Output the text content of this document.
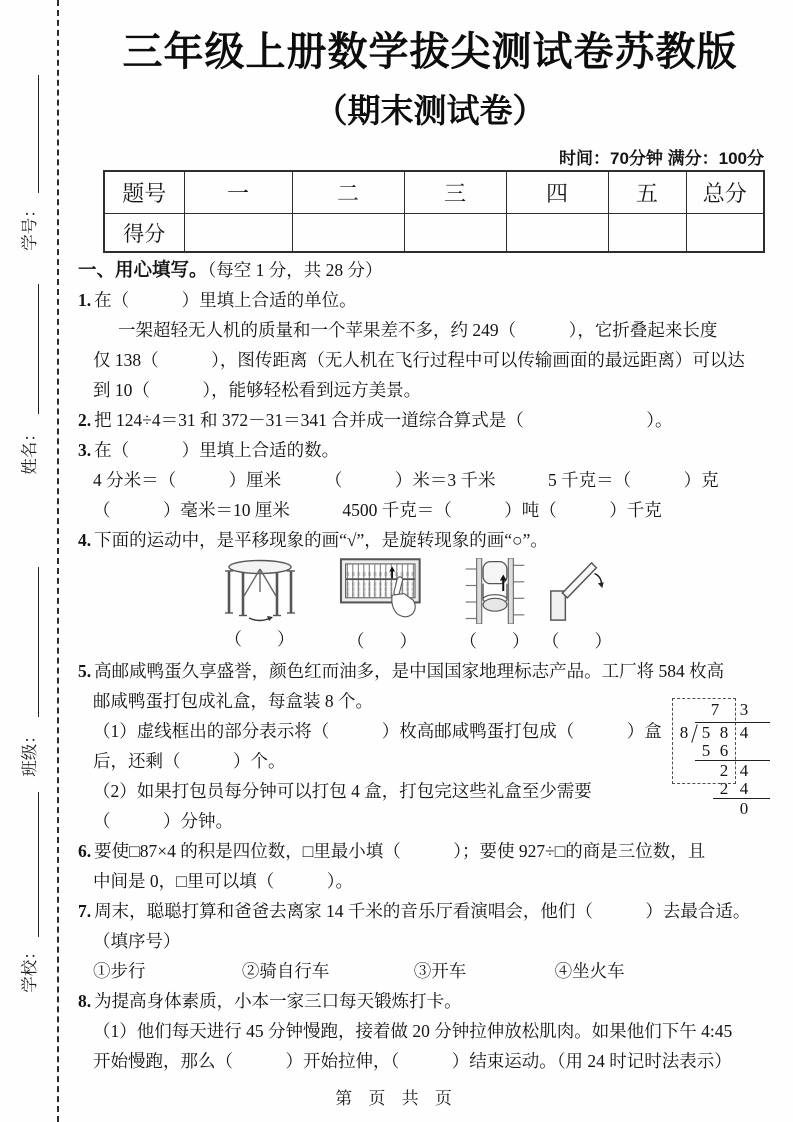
学号：
姓名：
班级：
学校：
三年级上册数学拔尖测试卷苏教版
（期末测试卷）
时间：70分钟 满分：100分
题号	一	二	三	四	五	总分
得分						
一、用心填写。（每空 1 分，共 28 分）
1. 在（　　　）里填上合适的单位。
一架超轻无人机的质量和一个苹果差不多，约 249（　　　），它折叠起来长度
仅 138（　　　），图传距离（无人机在飞行过程中可以传输画面的最远距离）可以达
到 10（　　　），能够轻松看到远方美景。
2. 把 124÷4＝31 和 372－31＝341 合并成一道综合算式是（　　　　　　　）。
3. 在（　　　）里填上合适的数。
4 分米＝（　　　）厘米　　　（　　　）米＝3 千米　　　5 千克＝（　　　）克
（　　　）毫米＝10 厘米　　　4500 千克＝（　　　）吨（　　　）千克
4. 下面的运动中，是平移现象的画“√”，是旋转现象的画“○”。
（　　）	（　　） （　　） （　　）
5. 高邮咸鸭蛋久享盛誉，颜色红而油多，是中国国家地理标志产品。工厂将 584 枚高
邮咸鸭蛋打包成礼盒，每盒装 8 个。
（1）虚线框出的部分表示将（　　　）枚高邮咸鸭蛋打包成（　　　）盒
后，还剩（　　　）个。
（2）如果打包员每分钟可以打包 4 盒，打包完这些礼盒至少需要
（　　　）分钟。
6. 要使□87×4 的积是四位数，□里最小填（　　　）；要使 927÷□的商是三位数，且
中间是 0，□里可以填（　　　）。
7. 周末，聪聪打算和爸爸去离家 14 千米的音乐厅看演唱会，他们（　　　）去最合适。
（填序号）
①步行	②骑自行车	③开车	④坐火车
8. 为提高身体素质，小本一家三口每天锻炼打卡。
（1）他们每天进行 45 分钟慢跑，接着做 20 分钟拉伸放松肌肉。如果他们下午 4:45
开始慢跑，那么（　　　）开始拉伸，（　　　）结束运动。（用 24 时记时法表示）
7 3
8 5 8 4
5 6
2 4
2 4
0
第 页 共 页
